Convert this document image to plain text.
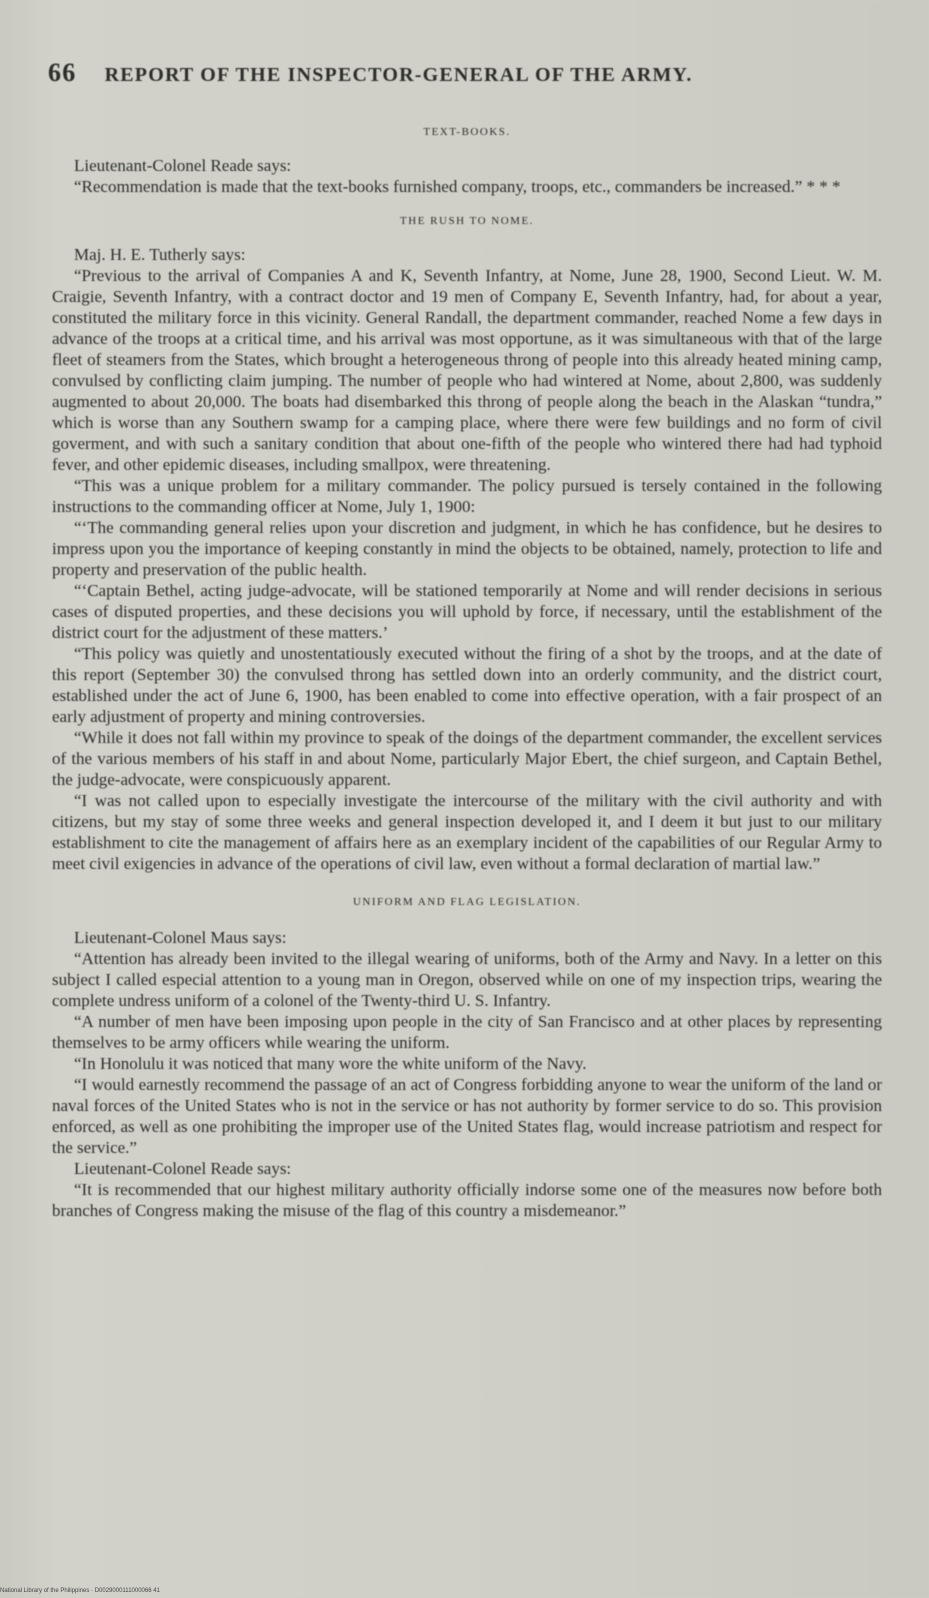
66 REPORT OF THE INSPECTOR-GENERAL OF THE ARMY.
TEXT-BOOKS.

Lieutenant-Colonel Reade says:

“Recommendation is made that the text-books furnished company, troops, etc., commanders be increased.” * * *

THE RUSH TO NOME.

Maj. H. E. Tutherly says:

“Previous to the arrival of Companies A and K, Seventh Infantry, at Nome, June 28, 1900, Second Lieut. W. M. Craigie, Seventh Infantry, with a contract doctor and 19 men of Company E, Seventh Infantry, had, for about a year, constituted the military force in this vicinity. General Randall, the department commander, reached Nome a few days in advance of the troops at a critical time, and his arrival was most opportune, as it was simultaneous with that of the large fleet of steamers from the States, which brought a heterogeneous throng of people into this already heated mining camp, convulsed by conflicting claim jumping. The number of people who had wintered at Nome, about 2,800, was suddenly augmented to about 20,000. The boats had disembarked this throng of people along the beach in the Alaskan “tundra,” which is worse than any Southern swamp for a camping place, where there were few buildings and no form of civil goverment, and with such a sanitary condition that about one-fifth of the people who wintered there had had typhoid fever, and other epidemic diseases, including smallpox, were threatening.

“This was a unique problem for a military commander. The policy pursued is tersely contained in the following instructions to the commanding officer at Nome, July 1, 1900:

“‘The commanding general relies upon your discretion and judgment, in which he has confidence, but he desires to impress upon you the importance of keeping constantly in mind the objects to be obtained, namely, protection to life and property and preservation of the public health.

“‘Captain Bethel, acting judge-advocate, will be stationed temporarily at Nome and will render decisions in serious cases of disputed properties, and these decisions you will uphold by force, if necessary, until the establishment of the district court for the adjustment of these matters.’

“This policy was quietly and unostentatiously executed without the firing of a shot by the troops, and at the date of this report (September 30) the convulsed throng has settled down into an orderly community, and the district court, established under the act of June 6, 1900, has been enabled to come into effective operation, with a fair prospect of an early adjustment of property and mining controversies.

“While it does not fall within my province to speak of the doings of the department commander, the excellent services of the various members of his staff in and about Nome, particularly Major Ebert, the chief surgeon, and Captain Bethel, the judge-advocate, were conspicuously apparent.

“I was not called upon to especially investigate the intercourse of the military with the civil authority and with citizens, but my stay of some three weeks and general inspection developed it, and I deem it but just to our military establishment to cite the management of affairs here as an exemplary incident of the capabilities of our Regular Army to meet civil exigencies in advance of the operations of civil law, even without a formal declaration of martial law.”

UNIFORM AND FLAG LEGISLATION.

Lieutenant-Colonel Maus says:

“Attention has already been invited to the illegal wearing of uniforms, both of the Army and Navy. In a letter on this subject I called especial attention to a young man in Oregon, observed while on one of my inspection trips, wearing the complete undress uniform of a colonel of the Twenty-third U. S. Infantry.

“A number of men have been imposing upon people in the city of San Francisco and at other places by representing themselves to be army officers while wearing the uniform.

“In Honolulu it was noticed that many wore the white uniform of the Navy.

“I would earnestly recommend the passage of an act of Congress forbidding anyone to wear the uniform of the land or naval forces of the United States who is not in the service or has not authority by former service to do so. This provision enforced, as well as one prohibiting the improper use of the United States flag, would increase patriotism and respect for the service.”

Lieutenant-Colonel Reade says:

“It is recommended that our highest military authority officially indorse some one of the measures now before both branches of Congress making the misuse of the flag of this country a misdemeanor.”

National Library of the Philippines · D0029000111000066 41
